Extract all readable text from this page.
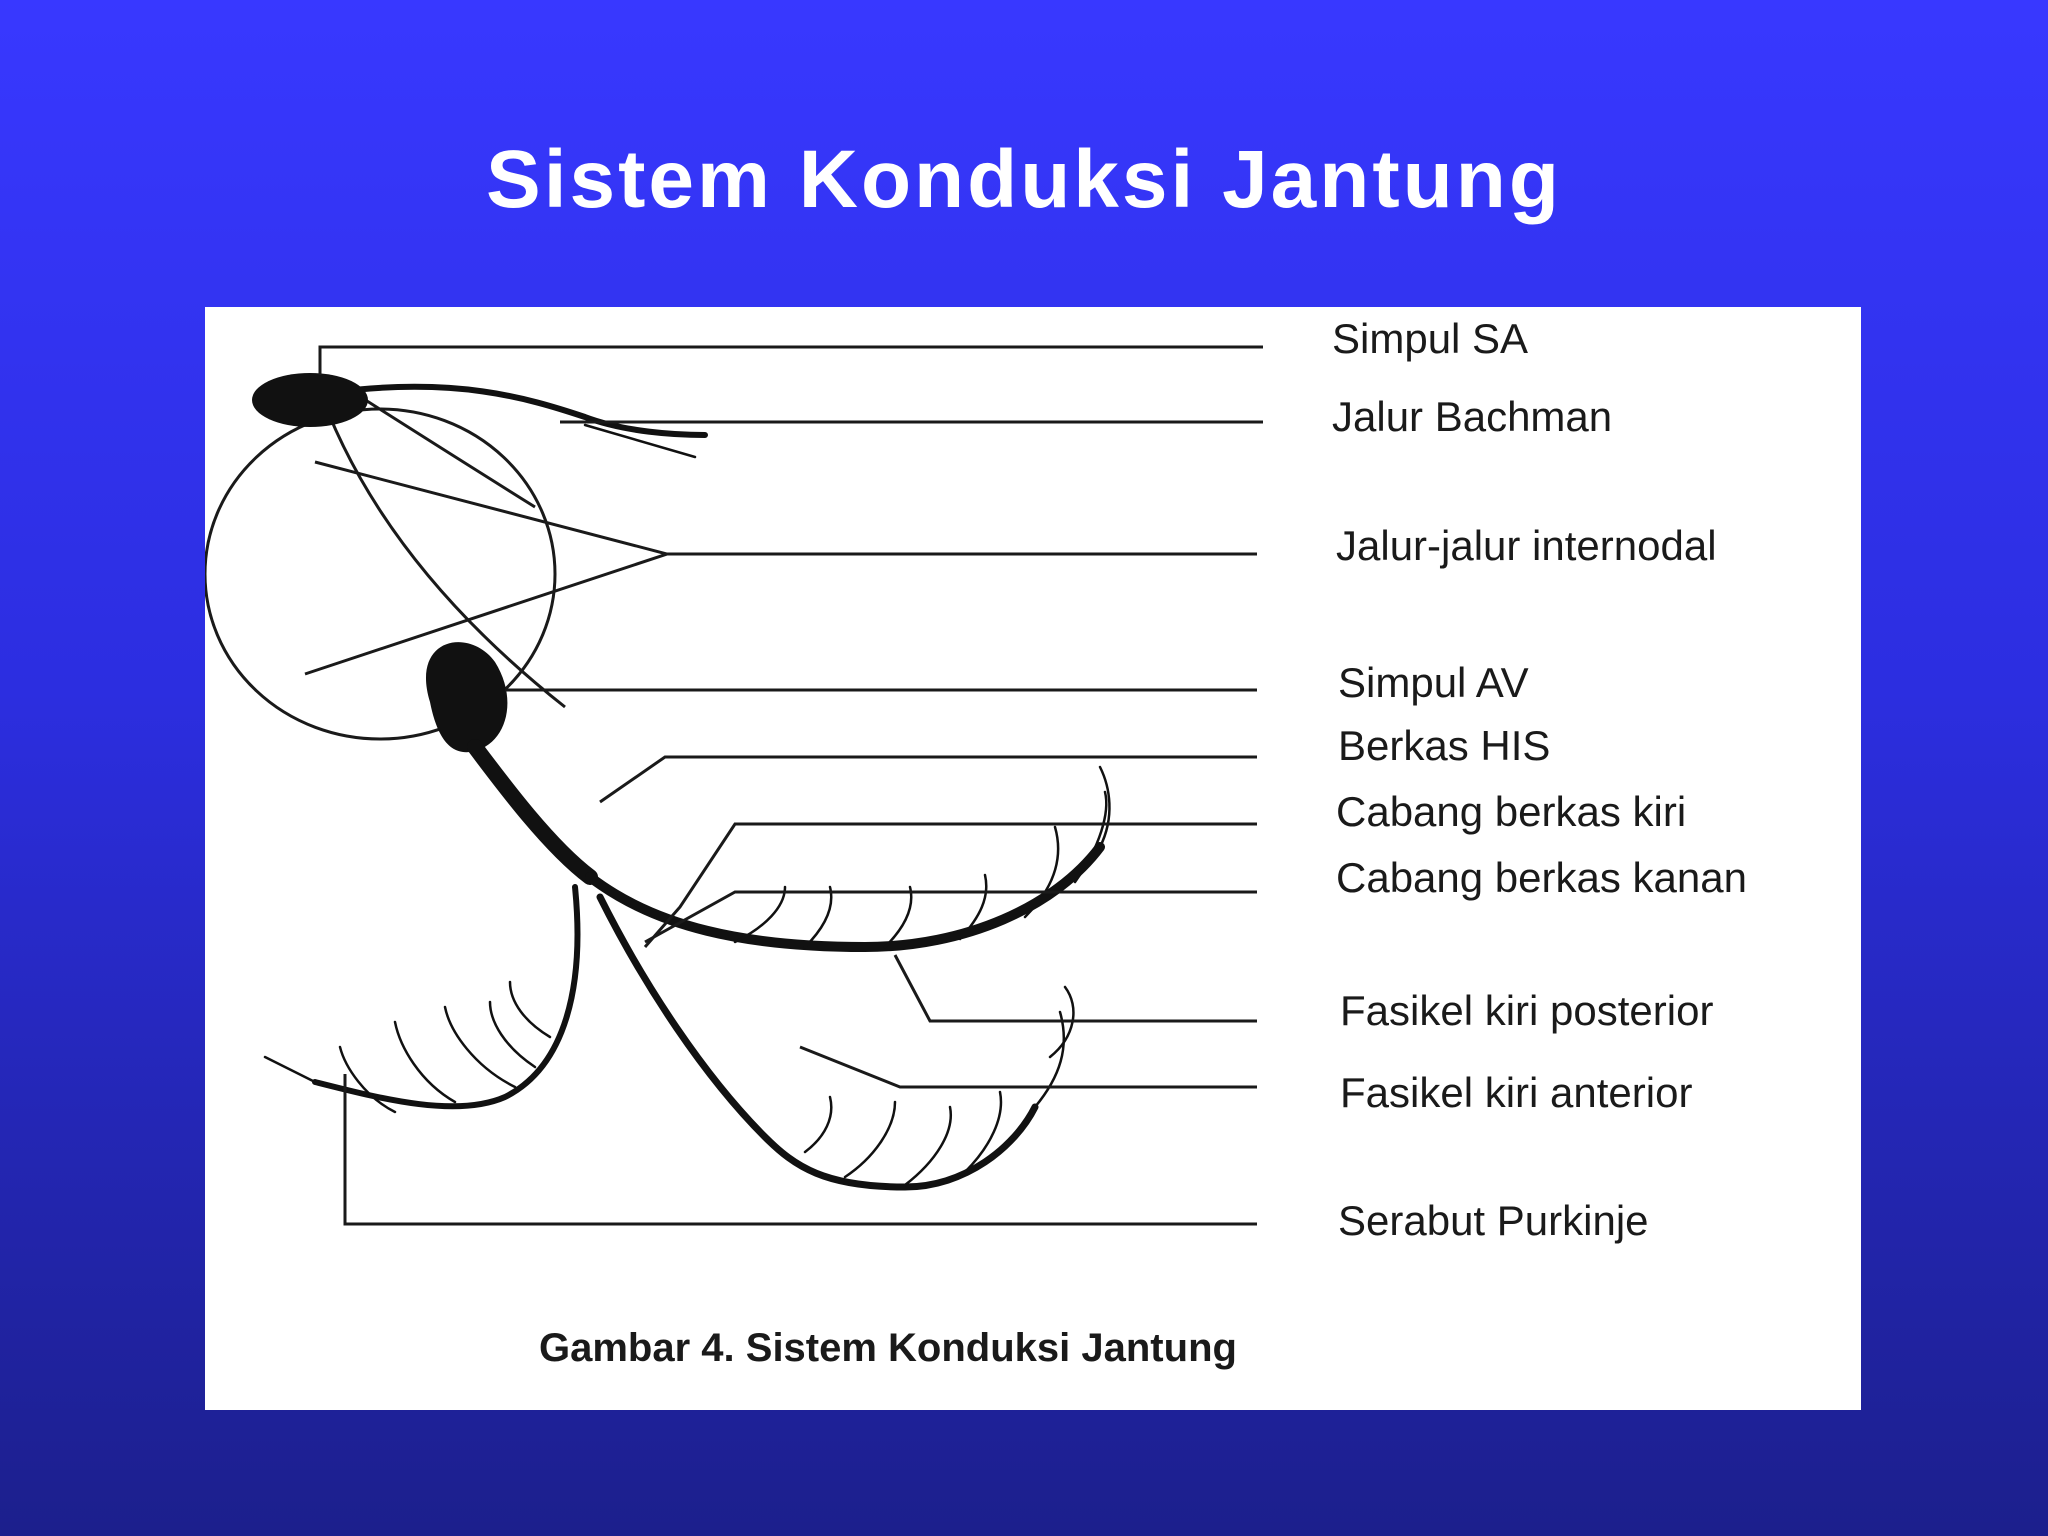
Sistem Konduksi Jantung
Simpul SA
Jalur Bachman
Jalur-jalur internodal
Simpul AV
Berkas HIS
Cabang berkas kiri
Cabang berkas kanan
Fasikel kiri posterior
Fasikel kiri anterior
Serabut Purkinje
Gambar 4. Sistem Konduksi Jantung
